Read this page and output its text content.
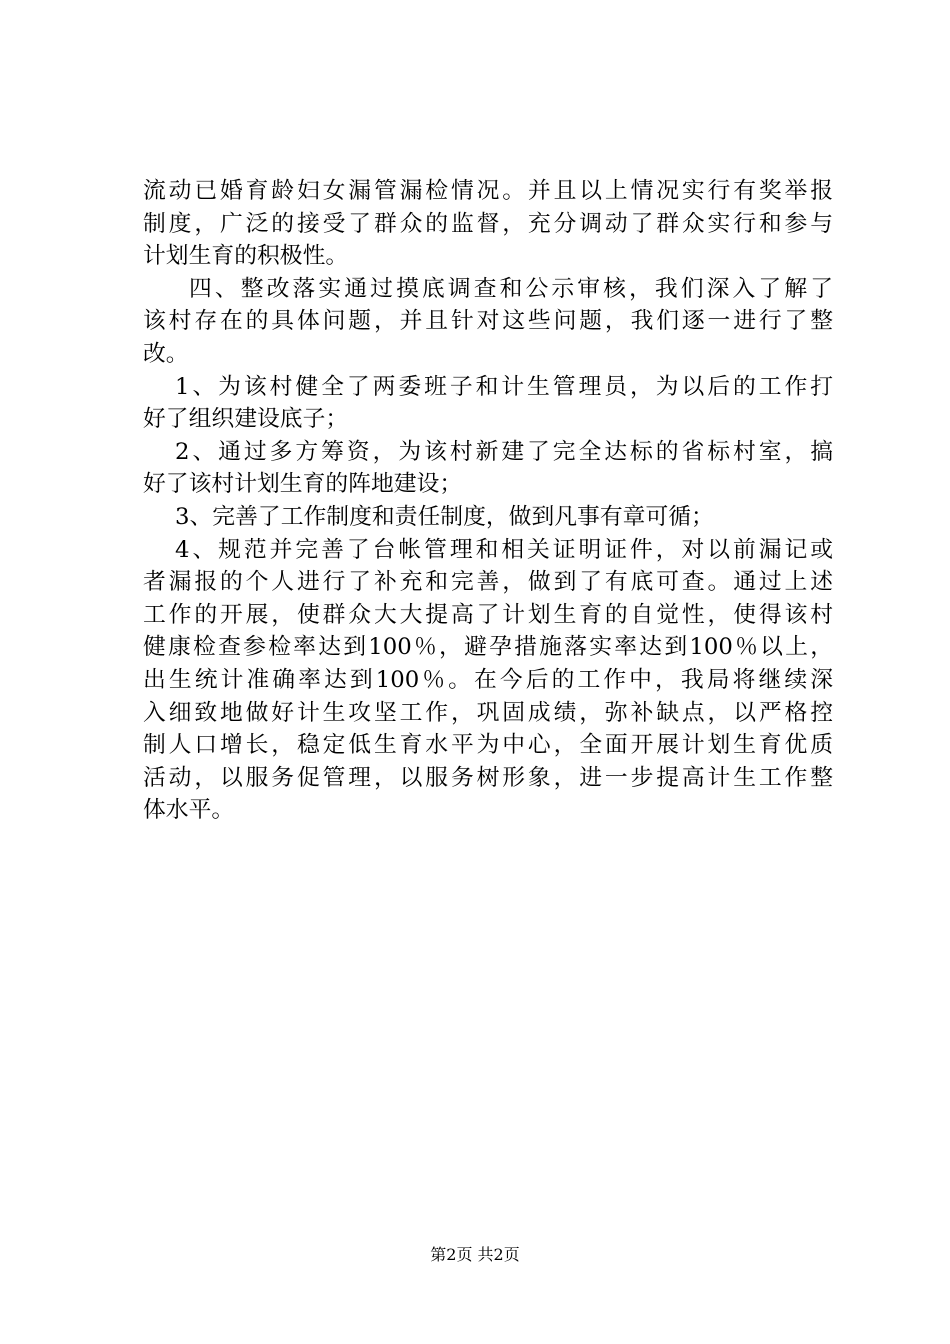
流动已婚育龄妇女漏管漏检情况。并且以上情况实行有奖举报
制度，广泛的接受了群众的监督，充分调动了群众实行和参与
计划生育的积极性。
四、整改落实通过摸底调查和公示审核，我们深入了解了
该村存在的具体问题，并且针对这些问题，我们逐一进行了整
改。
1、为该村健全了两委班子和计生管理员，为以后的工作打
好了组织建设底子；
2、通过多方筹资，为该村新建了完全达标的省标村室，搞
好了该村计划生育的阵地建设；
3、完善了工作制度和责任制度，做到凡事有章可循；
4、规范并完善了台帐管理和相关证明证件，对以前漏记或
者漏报的个人进行了补充和完善，做到了有底可查。通过上述
工作的开展，使群众大大提高了计划生育的自觉性，使得该村
健康检查参检率达到100％，避孕措施落实率达到100％以上，
出生统计准确率达到100％。在今后的工作中，我局将继续深
入细致地做好计生攻坚工作，巩固成绩，弥补缺点，以严格控
制人口增长，稳定低生育水平为中心，全面开展计划生育优质
活动，以服务促管理，以服务树形象，进一步提高计生工作整
体水平。
第2页 共2页
